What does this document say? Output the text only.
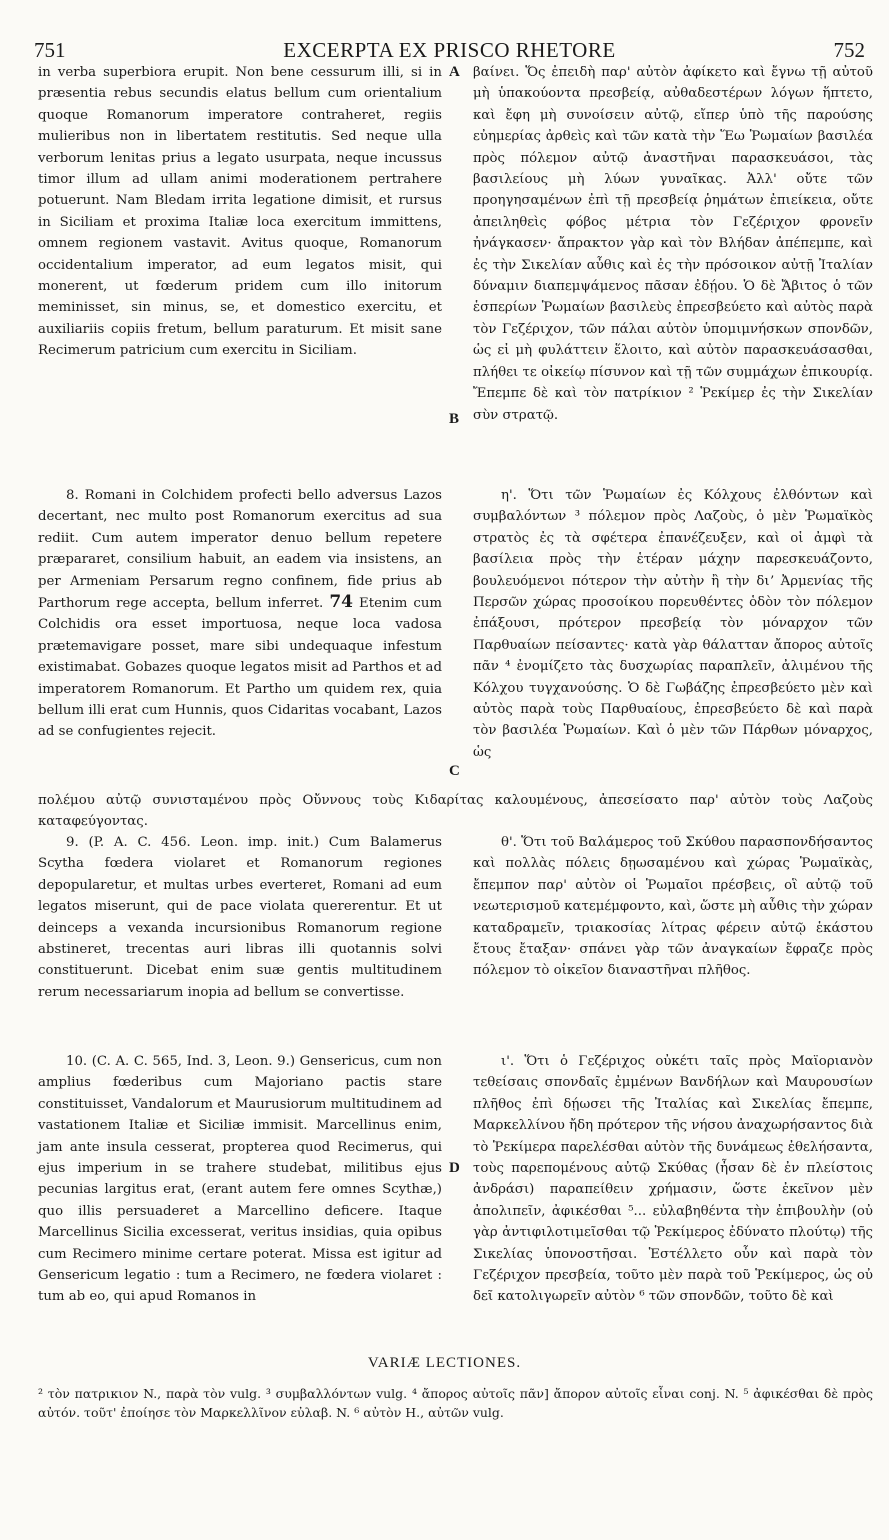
751	EXCERPTA EX PRISCO RHETORE	752

in verba superbiora erupit. Non bene cessurum illi, si in præsentia rebus secundis elatus bellum cum orientalium quoque Romanorum imperatore contraheret, regiis mulieribus non in libertatem restitutis. Sed neque ulla verborum lenitas prius a legato usurpata, neque incussus timor illum ad ullam animi moderationem pertrahere potuerunt. Nam Bledam irrita legatione dimisit, et rursus in Siciliam et proxima Italiæ loca exercitum immittens, omnem regionem vastavit. Avitus quoque, Romanorum occidentalium imperator, ad eum legatos misit, qui monerent, ut fœderum pridem cum illo initorum meminisset, sin minus, se, et domestico exercitu, et auxiliariis copiis fretum, bellum paraturum. Et misit sane Recimerum patricium cum exercitu in Siciliam.

8. Romani in Colchidem profecti bello adversus Lazos decertant, nec multo post Romanorum exercitus ad sua rediit. Cum autem imperator denuo bellum repetere præpararet, consilium habuit, an eadem via insistens, an per Armeniam Persarum regno confinem, fide prius ab Parthorum rege accepta, bellum inferret. 74 Etenim cum Colchidis ora esset importuosa, neque loca vadosa prætemavigare posset, mare sibi undequaque infestum existimabat. Gobazes quoque legatos misit ad Parthos et ad imperatorem Romanorum. Et Partho um quidem rex, quia bellum illi erat cum Hunnis, quos Cidaritas vocabant, Lazos ad se confugientes rejecit.

9. (P. A. C. 456. Leon. imp. init.) Cum Balamerus Scytha fœdera violaret et Romanorum regiones depopularetur, et multas urbes everteret, Romani ad eum legatos miserunt, qui de pace violata quererentur. Et ut deinceps a vexanda incursionibus Romanorum regione abstineret, trecentas auri libras illi quotannis solvi constituerunt. Dicebat enim suæ gentis multitudinem rerum necessariarum inopia ad bellum se convertisse.

10. (C. A. C. 565, Ind. 3, Leon. 9.) Gensericus, cum non amplius fœderibus cum Majoriano pactis stare constituisset, Vandalorum et Maurusiorum multitudinem ad vastationem Italiæ et Siciliæ immisit. Marcellinus enim, jam ante insula cesserat, propterea quod Recimerus, qui ejus imperium in se trahere studebat, militibus ejus pecunias largitus erat, (erant autem fere omnes Scythæ,) quo illis persuaderet a Marcellino deficere. Itaque Marcellinus Sicilia excesserat, veritus insidias, quia opibus cum Recimero minime certare poterat. Missa est igitur ad Gensericum legatio : tum a Recimero, ne fœdera violaret : tum ab eo, qui apud Romanos in

βαίνει. Ὅς ἐπειδὴ παρ' αὐτὸν ἀφίκετο καὶ ἔγνω τῇ αὐτοῦ μὴ ὑπακούοντα πρεσβείᾳ, αὐθαδεστέρων λόγων ἥπτετο, καὶ ἔφη μὴ συνοίσειν αὐτῷ, εἴπερ ὑπὸ τῆς παρούσης εὐημερίας ἀρθεὶς καὶ τῶν κατὰ τὴν Ἕω Ῥωμαίων βασιλέα πρὸς πόλεμον αὐτῷ ἀναστῆναι παρασκευάσοι, τὰς βασιλείους μὴ λύων γυναῖκας. Ἀλλ' οὔτε τῶν προηγησαμένων ἐπὶ τῇ πρεσβείᾳ ῥημάτων ἐπιείκεια, οὔτε ἀπειληθεὶς φόβος μέτρια τὸν Γεζέριχον φρονεῖν ἠνάγκασεν· ἄπρακτον γὰρ καὶ τὸν Βλήδαν ἀπέπεμπε, καὶ ἐς τὴν Σικελίαν αὖθις καὶ ἐς τὴν πρόσοικον αὐτῇ Ἰταλίαν δύναμιν διαπεμψάμενος πᾶσαν ἐδῄου. Ὁ δὲ Ἄβιτος ὁ τῶν ἑσπερίων Ῥωμαίων βασιλεὺς ἐπρεσβεύετο καὶ αὐτὸς παρὰ τὸν Γεζέριχον, τῶν πάλαι αὐτὸν ὑπομιμνήσκων σπονδῶν, ὡς εἰ μὴ φυλάττειν ἕλοιτο, καὶ αὐτὸν παρασκευάσασθαι, πλήθει τε οἰκείῳ πίσυνον καὶ τῇ τῶν συμμάχων ἐπικουρίᾳ. Ἔπεμπε δὲ καὶ τὸν πατρίκιον ² Ῥεκίμερ ἐς τὴν Σικελίαν σὺν στρατῷ.

η'. Ὅτι τῶν Ῥωμαίων ἐς Κόλχους ἐλθόντων καὶ συμβαλόντων ³ πόλεμον πρὸς Λαζοὺς, ὁ μὲν Ῥωμαϊκὸς στρατὸς ἐς τὰ σφέτερα ἐπανέζευξεν, καὶ οἱ ἀμφὶ τὰ βασίλεια πρὸς τὴν ἑτέραν μάχην παρεσκευάζοντο, βουλευόμενοι πότερον τὴν αὐτὴν ἢ τὴν διʼ Ἀρμενίας τῆς Περσῶν χώρας προσοίκου πορευθέντες ὁδὸν τὸν πόλεμον ἐπάξουσι, πρότερον πρεσβείᾳ τὸν μόναρχον τῶν Παρθυαίων πείσαντες· κατὰ γὰρ θάλατταν ἄπορος αὐτοῖς πᾶν ⁴ ἐνομίζετο τὰς δυσχωρίας παραπλεῖν, ἀλιμένου τῆς Κόλχου τυγχανούσης. Ὁ δὲ Γωβάζης ἐπρεσβεύετο μὲν καὶ αὐτὸς παρὰ τοὺς Παρθυαίους, ἐπρεσβεύετο δὲ καὶ παρὰ τὸν βασιλέα Ῥωμαίων. Καὶ ὁ μὲν τῶν Πάρθων μόναρχος, ὡς

θ'. Ὅτι τοῦ Βαλάμερος τοῦ Σκύθου παρασπονδήσαντος καὶ πολλὰς πόλεις δῃωσαμένου καὶ χώρας Ῥωμαϊκὰς, ἔπεμπον παρ' αὐτὸν οἱ Ῥωμαῖοι πρέσβεις, οἳ αὐτῷ τοῦ νεωτερισμοῦ κατεμέμφοντο, καὶ, ὥστε μὴ αὖθις τὴν χώραν καταδραμεῖν, τριακοσίας λίτρας φέρειν αὐτῷ ἑκάστου ἔτους ἔταξαν· σπάνει γὰρ τῶν ἀναγκαίων ἔφραζε πρὸς πόλεμον τὸ οἰκεῖον διαναστῆναι πλῆθος.

ι'. Ὅτι ὁ Γεζέριχος οὐκέτι ταῖς πρὸς Μαϊοριανὸν τεθείσαις σπονδαῖς ἐμμένων Βανδήλων καὶ Μαυρουσίων πλῆθος ἐπὶ δῄωσει τῆς Ἰταλίας καὶ Σικελίας ἔπεμπε, Μαρκελλίνου ἤδη πρότερον τῆς νήσου ἀναχωρήσαντος διὰ τὸ Ῥεκίμερα παρελέσθαι αὐτὸν τῆς δυνάμεως ἐθελήσαντα, τοὺς παρεπομένους αὐτῷ Σκύθας (ἦσαν δὲ ἐν πλείστοις ἀνδράσι) παραπείθειν χρήμασιν, ὥστε ἐκεῖνον μὲν ἀπολιπεῖν, ἀφικέσθαι ⁵... εὐλαβηθέντα τὴν ἐπιβουλὴν (οὐ γὰρ ἀντιφιλοτιμεῖσθαι τῷ Ῥεκίμερος ἐδύνατο πλούτῳ) τῆς Σικελίας ὑπονοστῆσαι. Ἐστέλλετο οὖν καὶ παρὰ τὸν Γεζέριχον πρεσβεία, τοῦτο μὲν παρὰ τοῦ Ῥεκίμερος, ὡς οὐ δεῖ κατολιγωρεῖν αὐτὸν ⁶ τῶν σπονδῶν, τοῦτο δὲ καὶ

πολέμου αὐτῷ συνισταμένου πρὸς Οὔννους τοὺς Κιδαρίτας καλουμένους, ἀπεσείσατο παρ' αὐτὸν τοὺς Λαζοὺς καταφεύγοντας.
A
B
C
D
VARIÆ LECTIONES.
² τὸν πατρικιον N., παρὰ τὸν vulg. ³ συμβαλλόντων vulg. ⁴ ἄπορος αὐτοῖς πᾶν] ἄπορον αὐτοῖς εἶναι conj. N. ⁵ ἀφικέσθαι δὲ πρὸς αὐτόν. τοῦτ' ἐποίησε τὸν Μαρκελλῖνον εὐλαβ. N. ⁶ αὐτὸν H., αὐτῶν vulg.
